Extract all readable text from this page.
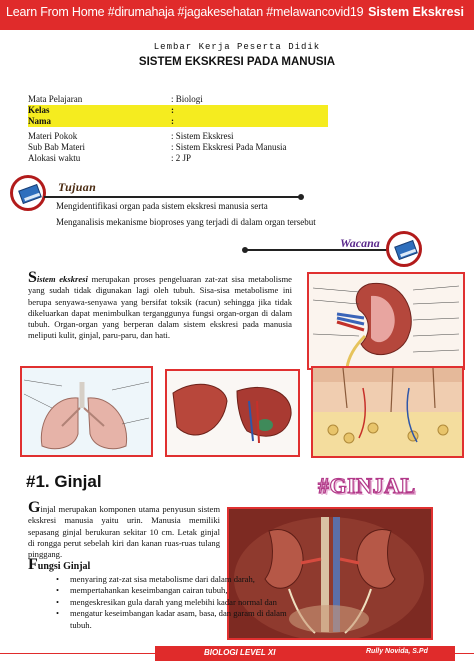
Learn From Home #dirumahaja #jagakesehatan #melawancovid19 Sistem Ekskresi
Lembar Kerja Peserta Didik
SISTEM EKSKRESI PADA MANUSIA
Mata Pelajaran	: Biologi
Kelas	:
Nama	:
Materi Pokok	: Sistem Ekskresi
Sub Bab Materi	: Sistem Ekskresi Pada Manusia
Alokasi waktu	: 2 JP
Tujuan
Mengidentifikasi organ pada sistem ekskresi manusia serta
Menganalisis mekanisme bioproses yang terjadi di dalam organ tersebut
Wacana
Sistem ekskresi merupakan proses pengeluaran zat-zat sisa metabolisme yang sudah tidak digunakan lagi oleh tubuh. Sisa-sisa metabolisme ini berupa senyawa-senyawa yang bersifat toksik (racun) sehingga jika tidak dikeluarkan dapat menimbulkan terganggunya fungsi organ-organ di dalam tubuh. Organ-organ yang berperan dalam sistem ekskresi pada manusia meliputi kulit, ginjal, paru-paru, dan hati.
#1. Ginjal	#GINJAL
Ginjal merupakan komponen utama penyusun sistem ekskresi manusia yaitu urin. Manusia memiliki sepasang ginjal berukuran sekitar 10 cm. Letak ginjal di rongga perut sebelah kiri dan kanan ruas-ruas tulang pinggang.
Fungsi Ginjal
• menyaring zat-zat sisa metabolisme dari dalam darah,
• mempertahankan keseimbangan cairan tubuh,
• mengeskresikan gula darah yang melebihi kadar normal dan
• mengatur keseimbangan kadar asam, basa, dan garam di dalam
tubuh.
BIOLOGI LEVEL XI	Rully Novida, S.Pd
